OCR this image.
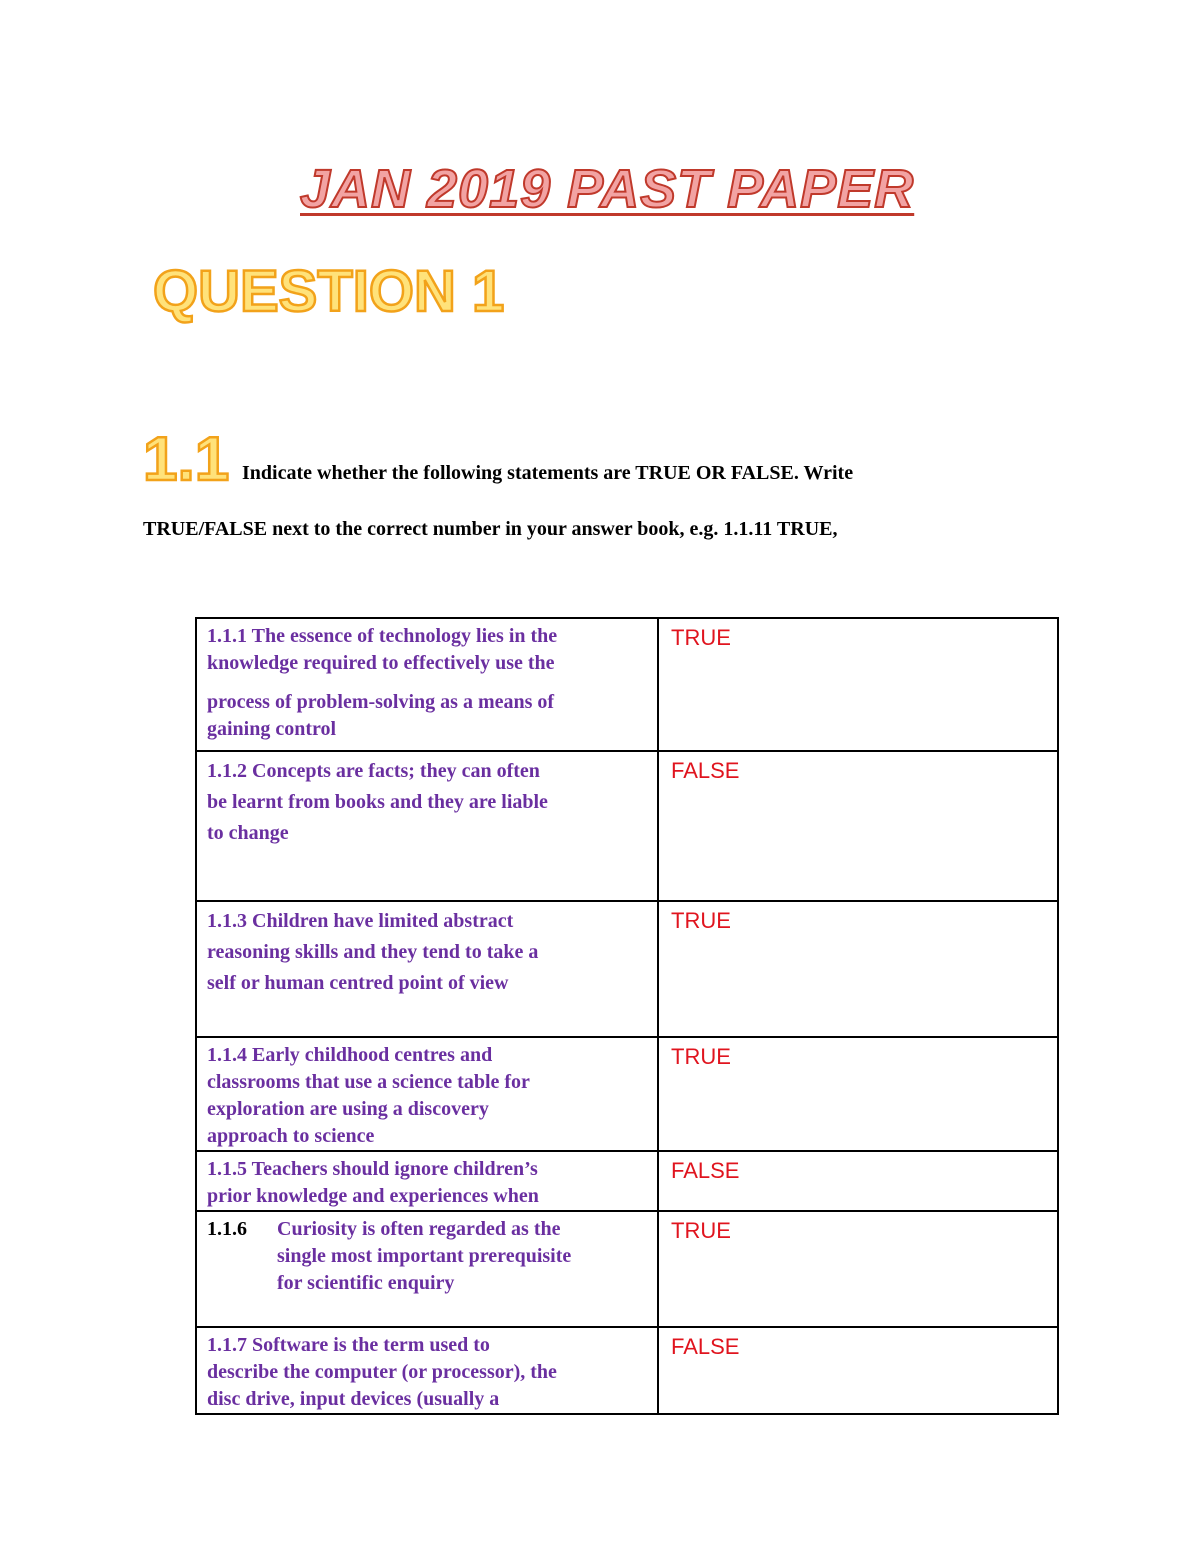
JAN 2019 PAST PAPER
QUESTION 1
1.1 Indicate whether the following statements are TRUE OR FALSE. Write
TRUE/FALSE next to the correct number in your answer book, e.g. 1.1.11 TRUE,
1.1.1 The essence of technology lies in the
knowledge required to effectively use the
process of problem-solving as a means of
gaining control	TRUE

1.1.2 Concepts are facts; they can often
be learnt from books and they are liable
to change	FALSE

1.1.3 Children have limited abstract
reasoning skills and they tend to take a
self or human centred point of view	TRUE

1.1.4 Early childhood centres and
classrooms that use a science table for
exploration are using a discovery
approach to science	TRUE

1.1.5 Teachers should ignore children’s
prior knowledge and experiences when	FALSE

1.1.6 Curiosity is often regarded as the
single most important prerequisite
for scientific enquiry	TRUE

1.1.7 Software is the term used to
describe the computer (or processor), the
disc drive, input devices (usually a	FALSE
